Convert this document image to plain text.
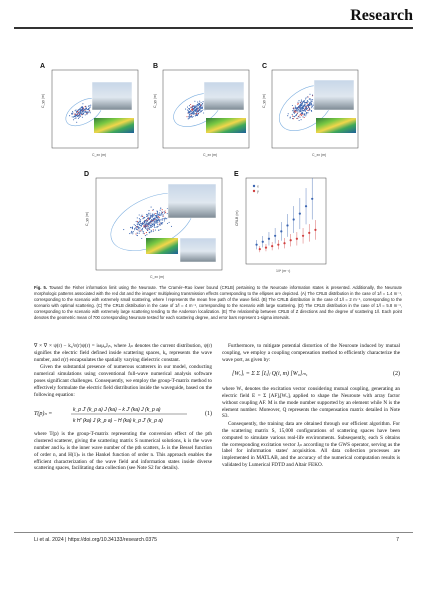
Research
A	B	C
D	E
C_xx (m)
C_yy (m)
C_xx (m)
C_yy (m)
C_xx (m)
C_yy (m)
C_xx (m)
C_yy (m)
1/l* (m⁻¹)
CRLB (m)
x
y
Fig. 5. Toward the Fisher information limit using the Neuroute. The Cramér–Rao lower bound (CRLB) pertaining to the Neuroute information states is presented. Additionally, the Neuroute morphologic patterns associated with the red dot and the images' multiplexing transmission effects corresponding to the ellipses are depicted. (A) The CRLB distribution in the case of 1/l = 1.4 m⁻¹, corresponding to the scenario with extremely small scattering, where l represents the mean free path of the wave field. (B) The CRLB distribution in the case of 1/l = 2 m⁻¹, corresponding to the scenario with optimal scattering. (C) The CRLB distribution in the case of 1/l = 4 m⁻¹, corresponding to the scenario with large scattering. (D) The CRLB distribution in the case of 1/l = 5.8 m⁻¹, corresponding to the scenario with extremely large scattering tending to the Anderson localization. (E) The relationship between CRLB of Z directions and the degree of scattering 1/l. Each point denotes the geometric mean of 700 corresponding Neuroute tested for each scattering degree, and error bars represent 1-sigma intervals.

∇ × ∇ × ψ(r) − k₀²ε(r)ψ(r) = iωμ₀Jᵢₙ, where Jᵢₙ denotes the current distribution, ψ(r) signifies the electric field defined inside scattering spaces, k₀ represents the wave number, and ε(r) encapsulates the spatially varying dielectric constant.

Given the substantial presence of numerous scatterers in our model, conducting numerical simulations using conventional full-wave numerical analysis software poses significant challenges. Consequently, we employ the group-T-matrix method to effectively formulate the electric field distribution inside the waveguide, based on the following equation:

T(p)ₙ =
k_p J′ (k_p a) J (ka) − k J′ (ka) J (k_p a)
k H′ (ka) J (k_p a) − H (ka) k_p J′ (k_p a)
(1)

where T(p) is the group-T-matrix representing the conversion effect of the pth clustered scatterer, giving the scattering matrix S numerical solutions, k is the wave number and kₚ is the inner wave number of the pth scatters, Jₙ is the Bessel function of order n, and H(1)ₙ is the Hankel function of order n. This approach enables the efficient characterization of the wave field and information states inside diverse scattering spaces, facilitating data collection (see Note S2 for details).

Furthermore, to mitigate potential distortion of the Neuroute induced by mutual coupling, we employ a coupling compensation method to efficiently characterize the wave port, as given by:

[Wᵥ]ᵢ = Σ Σ [Iᵢ]ⱼ Q(i, m) [W₀]ₘ,	(2)

where Wᵥ denotes the excitation vector considering mutual coupling, generating an electric field E = Σ [AF]ᵢ[Wᵥ]ᵢ applied to shape the Neuroute with array factor without coupling AF. M is the mode number supported by an element while N is the element number. Moreover, Q represents the compensation matrix detailed in Note S3.

Consequently, the training data are obtained through our efficient algorithm. For the scattering matrix S, 15,000 configurations of scattering spaces have been computed to simulate various real-life environments. Subsequently, each S obtains the corresponding excitation vector Jᵢₙ according to the GWS operator, serving as the label for information states' acquisition. All data collection processes are implemented in MATLAB, and the accuracy of the numerical computation results is validated by Lumerical FDTD and Altair FEKO.

Li et al. 2024 | https://doi.org/10.34133/research.0375	7
